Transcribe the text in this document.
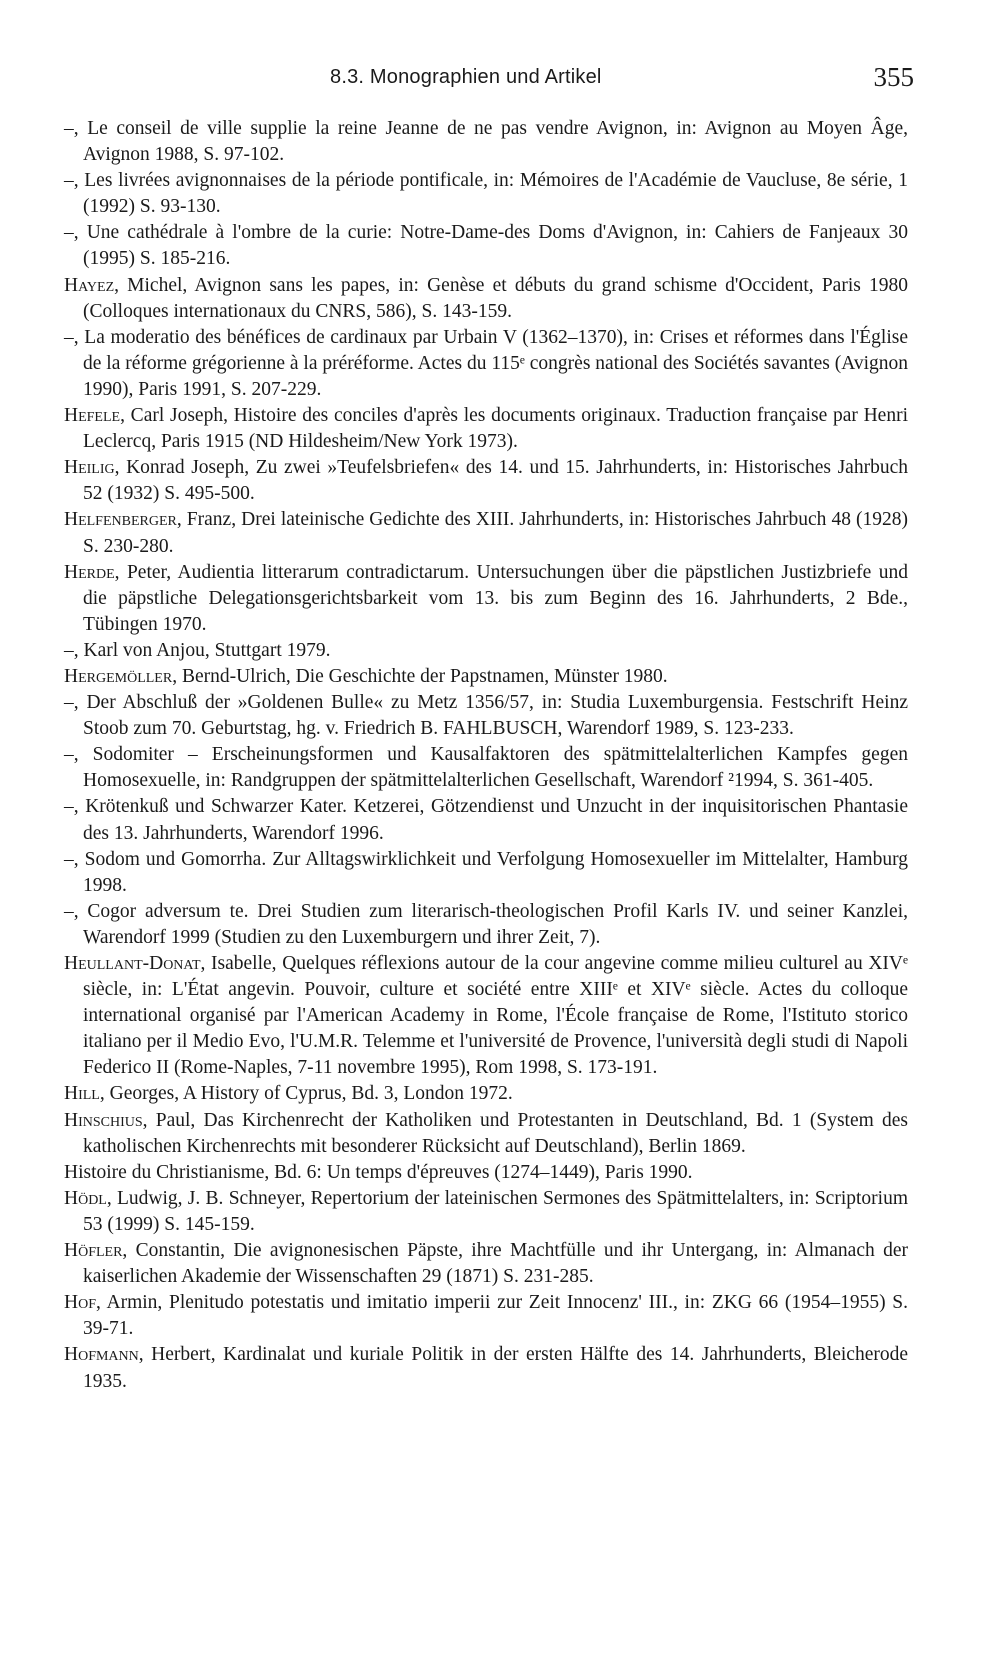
8.3. Monographien und Artikel	355
–, Le conseil de ville supplie la reine Jeanne de ne pas vendre Avignon, in: Avignon au Moyen Âge, Avignon 1988, S. 97-102.
–, Les livrées avignonnaises de la période pontificale, in: Mémoires de l'Académie de Vaucluse, 8e série, 1 (1992) S. 93-130.
–, Une cathédrale à l'ombre de la curie: Notre-Dame-des Doms d'Avignon, in: Cahiers de Fanjeaux 30 (1995) S. 185-216.
Hayez, Michel, Avignon sans les papes, in: Genèse et débuts du grand schisme d'Occident, Paris 1980 (Colloques internationaux du CNRS, 586), S. 143-159.
–, La moderatio des bénéfices de cardinaux par Urbain V (1362–1370), in: Crises et réformes dans l'Église de la réforme grégorienne à la préréforme. Actes du 115ᵉ congrès national des Sociétés savantes (Avignon 1990), Paris 1991, S. 207-229.
Hefele, Carl Joseph, Histoire des conciles d'après les documents originaux. Traduction française par Henri Leclercq, Paris 1915 (ND Hildesheim/New York 1973).
Heilig, Konrad Joseph, Zu zwei »Teufelsbriefen« des 14. und 15. Jahrhunderts, in: Historisches Jahrbuch 52 (1932) S. 495-500.
Helfenberger, Franz, Drei lateinische Gedichte des XIII. Jahrhunderts, in: Historisches Jahrbuch 48 (1928) S. 230-280.
Herde, Peter, Audientia litterarum contradictarum. Untersuchungen über die päpstlichen Justizbriefe und die päpstliche Delegationsgerichtsbarkeit vom 13. bis zum Beginn des 16. Jahrhunderts, 2 Bde., Tübingen 1970.
–, Karl von Anjou, Stuttgart 1979.
Hergemöller, Bernd-Ulrich, Die Geschichte der Papstnamen, Münster 1980.
–, Der Abschluß der »Goldenen Bulle« zu Metz 1356/57, in: Studia Luxemburgensia. Festschrift Heinz Stoob zum 70. Geburtstag, hg. v. Friedrich B. FAHLBUSCH, Warendorf 1989, S. 123-233.
–, Sodomiter – Erscheinungsformen und Kausalfaktoren des spätmittelalterlichen Kampfes gegen Homosexuelle, in: Randgruppen der spätmittelalterlichen Gesellschaft, Warendorf ²1994, S. 361-405.
–, Krötenkuß und Schwarzer Kater. Ketzerei, Götzendienst und Unzucht in der inquisitorischen Phantasie des 13. Jahrhunderts, Warendorf 1996.
–, Sodom und Gomorrha. Zur Alltagswirklichkeit und Verfolgung Homosexueller im Mittelalter, Hamburg 1998.
–, Cogor adversum te. Drei Studien zum literarisch-theologischen Profil Karls IV. und seiner Kanzlei, Warendorf 1999 (Studien zu den Luxemburgern und ihrer Zeit, 7).
Heullant-Donat, Isabelle, Quelques réflexions autour de la cour angevine comme milieu culturel au XIVᵉ siècle, in: L'État angevin. Pouvoir, culture et société entre XIIIᵉ et XIVᵉ siècle. Actes du colloque international organisé par l'American Academy in Rome, l'École française de Rome, l'Istituto storico italiano per il Medio Evo, l'U.M.R. Telemme et l'université de Provence, l'università degli studi di Napoli Federico II (Rome-Naples, 7-11 novembre 1995), Rom 1998, S. 173-191.
Hill, Georges, A History of Cyprus, Bd. 3, London 1972.
Hinschius, Paul, Das Kirchenrecht der Katholiken und Protestanten in Deutschland, Bd. 1 (System des katholischen Kirchenrechts mit besonderer Rücksicht auf Deutschland), Berlin 1869.
Histoire du Christianisme, Bd. 6: Un temps d'épreuves (1274–1449), Paris 1990.
Hödl, Ludwig, J. B. Schneyer, Repertorium der lateinischen Sermones des Spätmittelalters, in: Scriptorium 53 (1999) S. 145-159.
Höfler, Constantin, Die avignonesischen Päpste, ihre Machtfülle und ihr Untergang, in: Almanach der kaiserlichen Akademie der Wissenschaften 29 (1871) S. 231-285.
Hof, Armin, Plenitudo potestatis und imitatio imperii zur Zeit Innocenz' III., in: ZKG 66 (1954–1955) S. 39-71.
Hofmann, Herbert, Kardinalat und kuriale Politik in der ersten Hälfte des 14. Jahrhunderts, Bleicherode 1935.
